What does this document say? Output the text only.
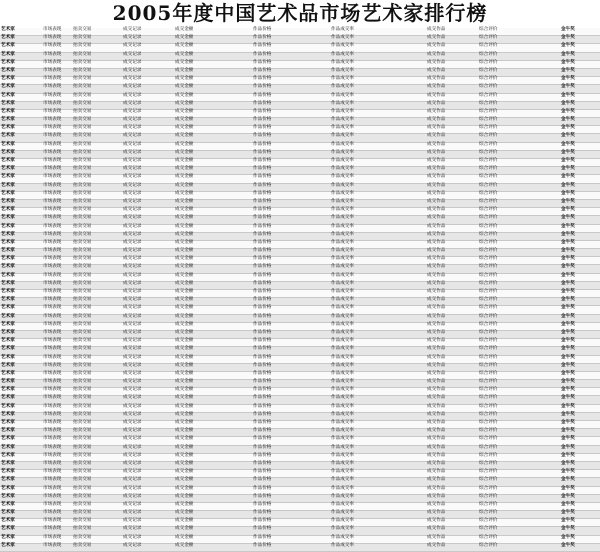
2005年度中国艺术品市场艺术家排行榜
艺术家	市场表现	拍卖交易	成交记录	成交金额	作品价格	作品成交率	成交作品	综合评价	金牛奖
艺术家	市场表现	拍卖交易	成交记录	成交金额	作品价格	作品成交率	成交作品	综合评价	金牛奖
艺术家	市场表现	拍卖交易	成交记录	成交金额	作品价格	作品成交率	成交作品	综合评价	金牛奖
艺术家	市场表现	拍卖交易	成交记录	成交金额	作品价格	作品成交率	成交作品	综合评价	金牛奖
艺术家	市场表现	拍卖交易	成交记录	成交金额	作品价格	作品成交率	成交作品	综合评价	金牛奖
艺术家	市场表现	拍卖交易	成交记录	成交金额	作品价格	作品成交率	成交作品	综合评价	金牛奖
艺术家	市场表现	拍卖交易	成交记录	成交金额	作品价格	作品成交率	成交作品	综合评价	金牛奖
艺术家	市场表现	拍卖交易	成交记录	成交金额	作品价格	作品成交率	成交作品	综合评价	金牛奖
艺术家	市场表现	拍卖交易	成交记录	成交金额	作品价格	作品成交率	成交作品	综合评价	金牛奖
艺术家	市场表现	拍卖交易	成交记录	成交金额	作品价格	作品成交率	成交作品	综合评价	金牛奖
艺术家	市场表现	拍卖交易	成交记录	成交金额	作品价格	作品成交率	成交作品	综合评价	金牛奖
艺术家	市场表现	拍卖交易	成交记录	成交金额	作品价格	作品成交率	成交作品	综合评价	金牛奖
艺术家	市场表现	拍卖交易	成交记录	成交金额	作品价格	作品成交率	成交作品	综合评价	金牛奖
艺术家	市场表现	拍卖交易	成交记录	成交金额	作品价格	作品成交率	成交作品	综合评价	金牛奖
艺术家	市场表现	拍卖交易	成交记录	成交金额	作品价格	作品成交率	成交作品	综合评价	金牛奖
艺术家	市场表现	拍卖交易	成交记录	成交金额	作品价格	作品成交率	成交作品	综合评价	金牛奖
艺术家	市场表现	拍卖交易	成交记录	成交金额	作品价格	作品成交率	成交作品	综合评价	金牛奖
艺术家	市场表现	拍卖交易	成交记录	成交金额	作品价格	作品成交率	成交作品	综合评价	金牛奖
艺术家	市场表现	拍卖交易	成交记录	成交金额	作品价格	作品成交率	成交作品	综合评价	金牛奖
艺术家	市场表现	拍卖交易	成交记录	成交金额	作品价格	作品成交率	成交作品	综合评价	金牛奖
艺术家	市场表现	拍卖交易	成交记录	成交金额	作品价格	作品成交率	成交作品	综合评价	金牛奖
艺术家	市场表现	拍卖交易	成交记录	成交金额	作品价格	作品成交率	成交作品	综合评价	金牛奖
艺术家	市场表现	拍卖交易	成交记录	成交金额	作品价格	作品成交率	成交作品	综合评价	金牛奖
艺术家	市场表现	拍卖交易	成交记录	成交金额	作品价格	作品成交率	成交作品	综合评价	金牛奖
艺术家	市场表现	拍卖交易	成交记录	成交金额	作品价格	作品成交率	成交作品	综合评价	金牛奖
艺术家	市场表现	拍卖交易	成交记录	成交金额	作品价格	作品成交率	成交作品	综合评价	金牛奖
艺术家	市场表现	拍卖交易	成交记录	成交金额	作品价格	作品成交率	成交作品	综合评价	金牛奖
艺术家	市场表现	拍卖交易	成交记录	成交金额	作品价格	作品成交率	成交作品	综合评价	金牛奖
艺术家	市场表现	拍卖交易	成交记录	成交金额	作品价格	作品成交率	成交作品	综合评价	金牛奖
艺术家	市场表现	拍卖交易	成交记录	成交金额	作品价格	作品成交率	成交作品	综合评价	金牛奖
艺术家	市场表现	拍卖交易	成交记录	成交金额	作品价格	作品成交率	成交作品	综合评价	金牛奖
艺术家	市场表现	拍卖交易	成交记录	成交金额	作品价格	作品成交率	成交作品	综合评价	金牛奖
艺术家	市场表现	拍卖交易	成交记录	成交金额	作品价格	作品成交率	成交作品	综合评价	金牛奖
艺术家	市场表现	拍卖交易	成交记录	成交金额	作品价格	作品成交率	成交作品	综合评价	金牛奖
艺术家	市场表现	拍卖交易	成交记录	成交金额	作品价格	作品成交率	成交作品	综合评价	金牛奖
艺术家	市场表现	拍卖交易	成交记录	成交金额	作品价格	作品成交率	成交作品	综合评价	金牛奖
艺术家	市场表现	拍卖交易	成交记录	成交金额	作品价格	作品成交率	成交作品	综合评价	金牛奖
艺术家	市场表现	拍卖交易	成交记录	成交金额	作品价格	作品成交率	成交作品	综合评价	金牛奖
艺术家	市场表现	拍卖交易	成交记录	成交金额	作品价格	作品成交率	成交作品	综合评价	金牛奖
艺术家	市场表现	拍卖交易	成交记录	成交金额	作品价格	作品成交率	成交作品	综合评价	金牛奖
艺术家	市场表现	拍卖交易	成交记录	成交金额	作品价格	作品成交率	成交作品	综合评价	金牛奖
艺术家	市场表现	拍卖交易	成交记录	成交金额	作品价格	作品成交率	成交作品	综合评价	金牛奖
艺术家	市场表现	拍卖交易	成交记录	成交金额	作品价格	作品成交率	成交作品	综合评价	金牛奖
艺术家	市场表现	拍卖交易	成交记录	成交金额	作品价格	作品成交率	成交作品	综合评价	金牛奖
艺术家	市场表现	拍卖交易	成交记录	成交金额	作品价格	作品成交率	成交作品	综合评价	金牛奖
艺术家	市场表现	拍卖交易	成交记录	成交金额	作品价格	作品成交率	成交作品	综合评价	金牛奖
艺术家	市场表现	拍卖交易	成交记录	成交金额	作品价格	作品成交率	成交作品	综合评价	金牛奖
艺术家	市场表现	拍卖交易	成交记录	成交金额	作品价格	作品成交率	成交作品	综合评价	金牛奖
艺术家	市场表现	拍卖交易	成交记录	成交金额	作品价格	作品成交率	成交作品	综合评价	金牛奖
艺术家	市场表现	拍卖交易	成交记录	成交金额	作品价格	作品成交率	成交作品	综合评价	金牛奖
艺术家	市场表现	拍卖交易	成交记录	成交金额	作品价格	作品成交率	成交作品	综合评价	金牛奖
艺术家	市场表现	拍卖交易	成交记录	成交金额	作品价格	作品成交率	成交作品	综合评价	金牛奖
艺术家	市场表现	拍卖交易	成交记录	成交金额	作品价格	作品成交率	成交作品	综合评价	金牛奖
艺术家	市场表现	拍卖交易	成交记录	成交金额	作品价格	作品成交率	成交作品	综合评价	金牛奖
艺术家	市场表现	拍卖交易	成交记录	成交金额	作品价格	作品成交率	成交作品	综合评价	金牛奖
艺术家	市场表现	拍卖交易	成交记录	成交金额	作品价格	作品成交率	成交作品	综合评价	金牛奖
艺术家	市场表现	拍卖交易	成交记录	成交金额	作品价格	作品成交率	成交作品	综合评价	金牛奖
艺术家	市场表现	拍卖交易	成交记录	成交金额	作品价格	作品成交率	成交作品	综合评价	金牛奖
艺术家	市场表现	拍卖交易	成交记录	成交金额	作品价格	作品成交率	成交作品	综合评价	金牛奖
艺术家	市场表现	拍卖交易	成交记录	成交金额	作品价格	作品成交率	成交作品	综合评价	金牛奖
艺术家	市场表现	拍卖交易	成交记录	成交金额	作品价格	作品成交率	成交作品	综合评价	金牛奖
艺术家	市场表现	拍卖交易	成交记录	成交金额	作品价格	作品成交率	成交作品	综合评价	金牛奖
艺术家	市场表现	拍卖交易	成交记录	成交金额	作品价格	作品成交率	成交作品	综合评价	金牛奖
艺术家	市场表现	拍卖交易	成交记录	成交金额	作品价格	作品成交率	成交作品	综合评价	金牛奖
